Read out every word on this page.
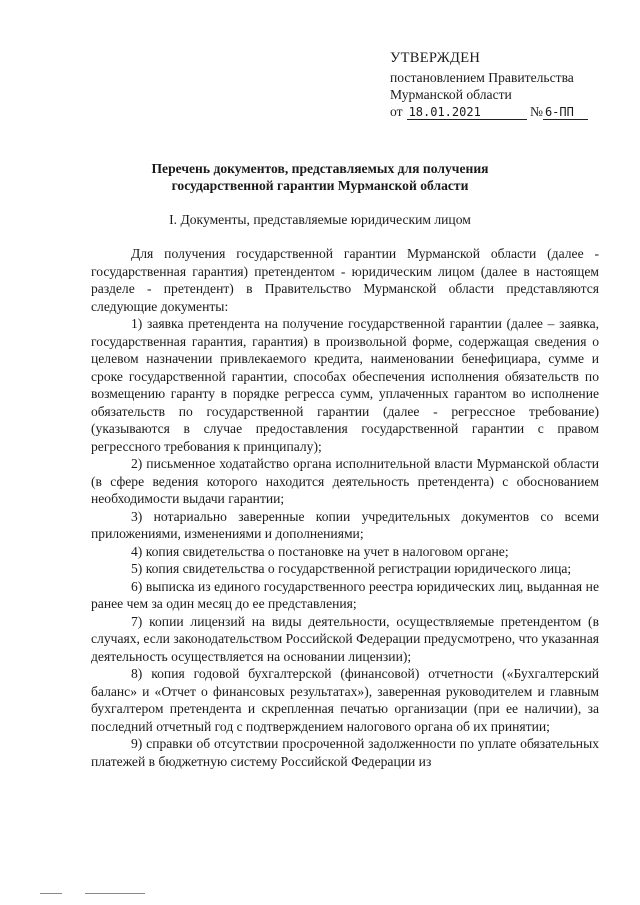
УТВЕРЖДЕН
постановлением Правительства
Мурманской области
от 18.01.2021	№ 6-ПП
Перечень документов, представляемых для получения
государственной гарантии Мурманской области
I. Документы, представляемые юридическим лицом

Для получения государственной гарантии Мурманской области (далее - государственная гарантия) претендентом - юридическим лицом (далее в настоящем разделе - претендент) в Правительство Мурманской области представляются следующие документы:

1) заявка претендента на получение государственной гарантии (далее – заявка, государственная гарантия, гарантия) в произвольной форме, содержащая сведения о целевом назначении привлекаемого кредита, наименовании бенефициара, сумме и сроке государственной гарантии, способах обеспечения исполнения обязательств по возмещению гаранту в порядке регресса сумм, уплаченных гарантом во исполнение обязательств по государственной гарантии (далее - регрессное требование) (указываются в случае предоставления государственной гарантии с правом регрессного требования к принципалу);

2) письменное ходатайство органа исполнительной власти Мурманской области (в сфере ведения которого находится деятельность претендента) с обоснованием необходимости выдачи гарантии;

3) нотариально заверенные копии учредительных документов со всеми приложениями, изменениями и дополнениями;

4) копия свидетельства о постановке на учет в налоговом органе;

5) копия свидетельства о государственной регистрации юридического лица;

6) выписка из единого государственного реестра юридических лиц, выданная не ранее чем за один месяц до ее представления;

7) копии лицензий на виды деятельности, осуществляемые претендентом (в случаях, если законодательством Российской Федерации предусмотрено, что указанная деятельность осуществляется на основании лицензии);

8) копия годовой бухгалтерской (финансовой) отчетности («Бухгалтерский баланс» и «Отчет о финансовых результатах»), заверенная руководителем и главным бухгалтером претендента и скрепленная печатью организации (при ее наличии), за последний отчетный год с подтверждением налогового органа об их принятии;

9) справки об отсутствии просроченной задолженности по уплате обязательных платежей в бюджетную систему Российской Федерации из
